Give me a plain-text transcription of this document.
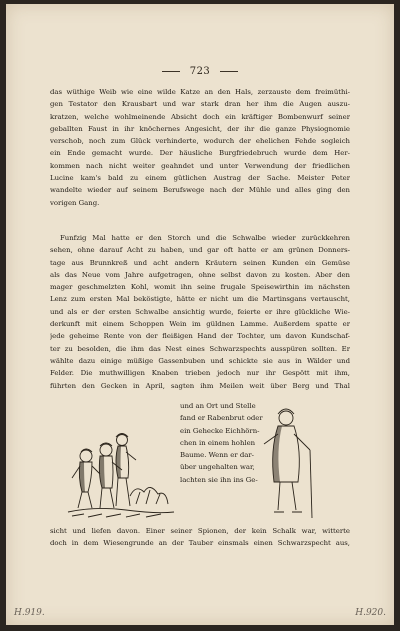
723
das wüthige Weib wie eine wilde Katze an den Hals, zerzauste dem freimüthi-
gen Testator den Krausbart und war stark dran her ihm die Augen auszu-
kratzen, welche wohlmeinende Absicht doch ein kräftiger Bombenwurf seiner
geballten Faust in ihr knöchernes Angesicht, der ihr die ganze Physiognomie
verschob, noch zum Glück verhinderte, wodurch der ehelichen Fehde sogleich
ein Ende gemacht wurde. Der häusliche Burgfriedebruch wurde dem Her-
kommen nach nicht weiter geahndet und unter Verwendung der friedlichen
Lucine kam's bald zu einem gütlichen Austrag der Sache. Meister Peter
wandelte wieder auf seinem Berufswege nach der Mühle und alles ging den
vorigen Gang.
Funfzig Mal hatte er den Storch und die Schwalbe wieder zurückkehren
sehen, ohne darauf Acht zu haben, und gar oft hatte er am grünen Donners-
tage aus Brunnkreß und acht andern Kräutern seinen Kunden ein Gemüse
als das Neue vom Jahre aufgetragen, ohne selbst davon zu kosten. Aber den
mager geschmelzten Kohl, womit ihn seine frugale Speisewirthin im nächsten
Lenz zum ersten Mal beköstigte, hätte er nicht um die Martinsgans vertauscht,
und als er der ersten Schwalbe ansichtig wurde, feierte er ihre glückliche Wie-
derkunft mit einem Schoppen Wein im güldnen Lamme. Außerdem spatte er
jede geheime Rente von der fleißigen Hand der Tochter, um davon Kundschaf-
ter zu besolden, die ihm das Nest eines Schwarzspechts ausspüren sollten. Er
wählte dazu einige müßige Gassenbuben und schickte sie aus in Wälder und
Felder. Die muthwilligen Knaben trieben jedoch nur ihr Gespött mit ihm,
führten den Gecken in April, sagten ihm Meilen weit über Berg und Thal
und an Ort und Stelle
fand er Rabenbrut oder
ein Geheckе Eichhörn-
chen in einem hohlen
Baume. Wenn er dar-
über ungehalten war,
lachten sie ihn ins Ge-
sicht und liefen davon. Einer seiner Spionen, der kein Schalk war, witterte
doch in dem Wiesengrunde an der Tauber einsmals einen Schwarzspecht aus,
H.919.	H.920.
